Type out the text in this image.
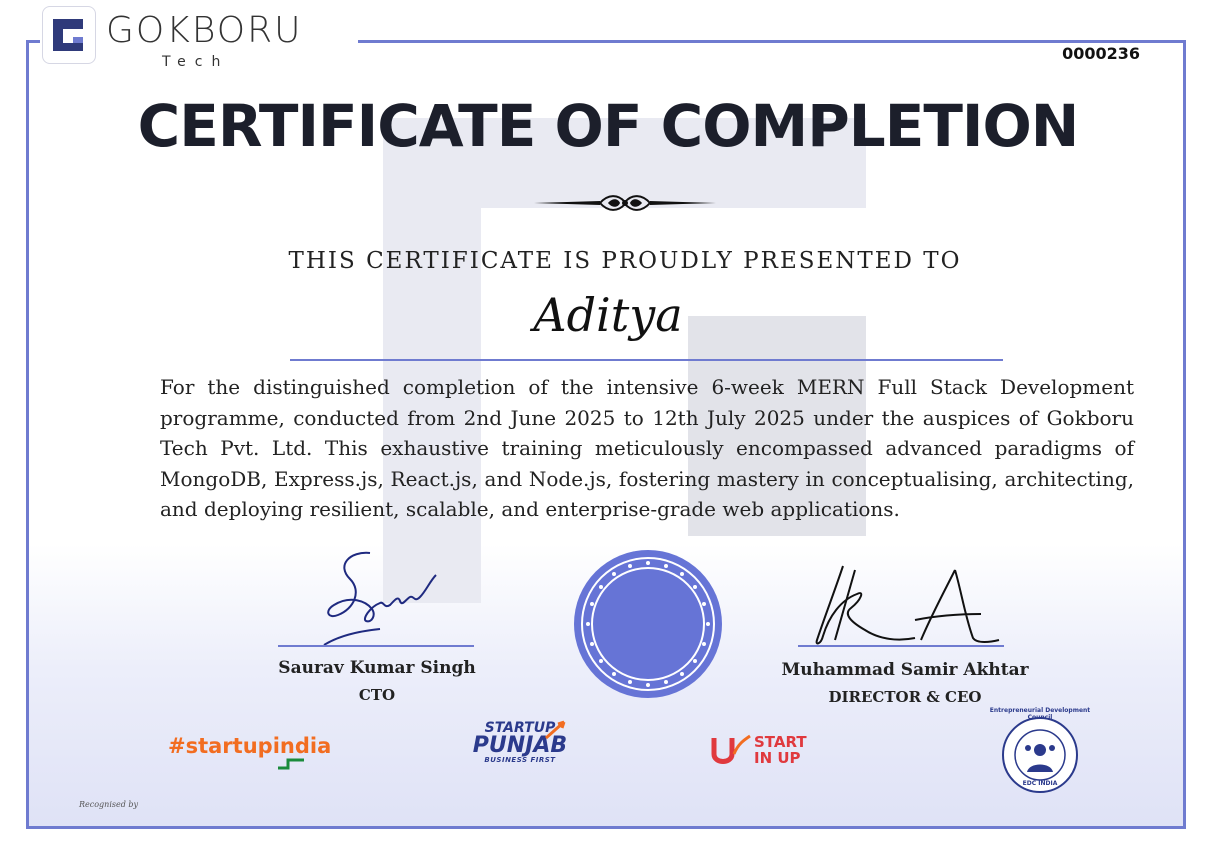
GOKBORU
Tech	0000236
CERTIFICATE OF COMPLETION
THIS CERTIFICATE IS PROUDLY PRESENTED TO
Aditya
For the distinguished completion of the intensive 6-week MERN Full Stack Development programme, conducted from 2nd June 2025 to 12th July 2025 under the auspices of Gokboru Tech Pvt. Ltd. This exhaustive training meticulously encompassed advanced paradigms of MongoDB, Express.js, React.js, and Node.js, fostering mastery in conceptualising, architecting, and deploying resilient, scalable, and enterprise-grade web applications.
Saurav Kumar Singh
CTO
Muhammad Samir Akhtar
DIRECTOR & CEO
#startupindia
STARTUP
PUNJAB
BUSINESS FIRST
START
IN UP
Entrepreneurial Development Council
EDC INDIA
Recognised by
